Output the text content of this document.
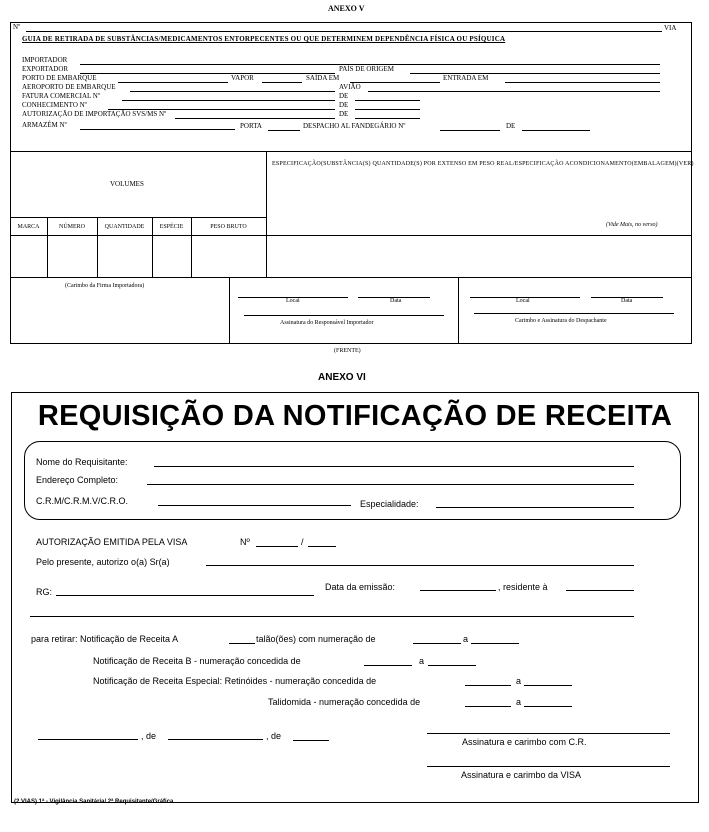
ANEXO V
Nº	VIA
GUIA DE RETIRADA DE SUBSTÂNCIAS/MEDICAMENTOS ENTORPECENTES OU QUE DETERMINEM DEPENDÊNCIA FÍSICA OU PSÍQUICA
IMPORTADOR
EXPORTADOR	PAÍS DE ORIGEM
PORTO DE EMBARQUE	VAPOR	SAÍDA EM	ENTRADA EM
AEROPORTO DE EMBARQUE	AVIÃO
FATURA COMERCIAL Nº	DE
CONHECIMENTO Nº	DE
AUTORIZAÇÃO DE IMPORTAÇÃO SVS/MS Nº	DE
ARMAZÉM Nº	PORTA	DESPACHO AL FANDEGÁRIO Nº	DE
VOLUMES
ESPECIFICAÇÃO(SUBSTÂNCIA(S) QUANTIDADE(S) POR EXTENSO EM PESO REAL/ESPECIFICAÇÃO ACONDICIONAMENTO(EMBALAGEM)(VER)
(Vide Mais, no verso)
MARCA	NÚMERO	QUANTIDADE	ESPÉCIE	PESO BRUTO
(Carimbo da Firma Importadora)
Local	Data
Assinatura do Responsável Importador
Local	Data
Carimbo e Assinatura do Despachante
(FRENTE)
ANEXO VI
REQUISIÇÃO DA NOTIFICAÇÃO DE RECEITA
Nome do Requisitante:
Endereço Completo:
C.R.M/C.R.M.V/C.R.O.	Especialidade:
AUTORIZAÇÃO EMITIDA PELA VISA	Nº	/
Pelo presente, autorizo o(a) Sr(a)
RG:	Data da emissão:	, residente à
para retirar: Notificação de Receita A	talão(ões) com numeração de	a
Notificação de Receita B - numeração concedida de	a
Notificação de Receita Especial: Retinóides - numeração concedida de	a
Talidomida - numeração concedida de	a
, de	, de
Assinatura e carimbo com C.R.
Assinatura e carimbo da VISA
(2 VIAS) 1ª - Vigilância Sanitária/ 2ª Requisitante/Gráfica
